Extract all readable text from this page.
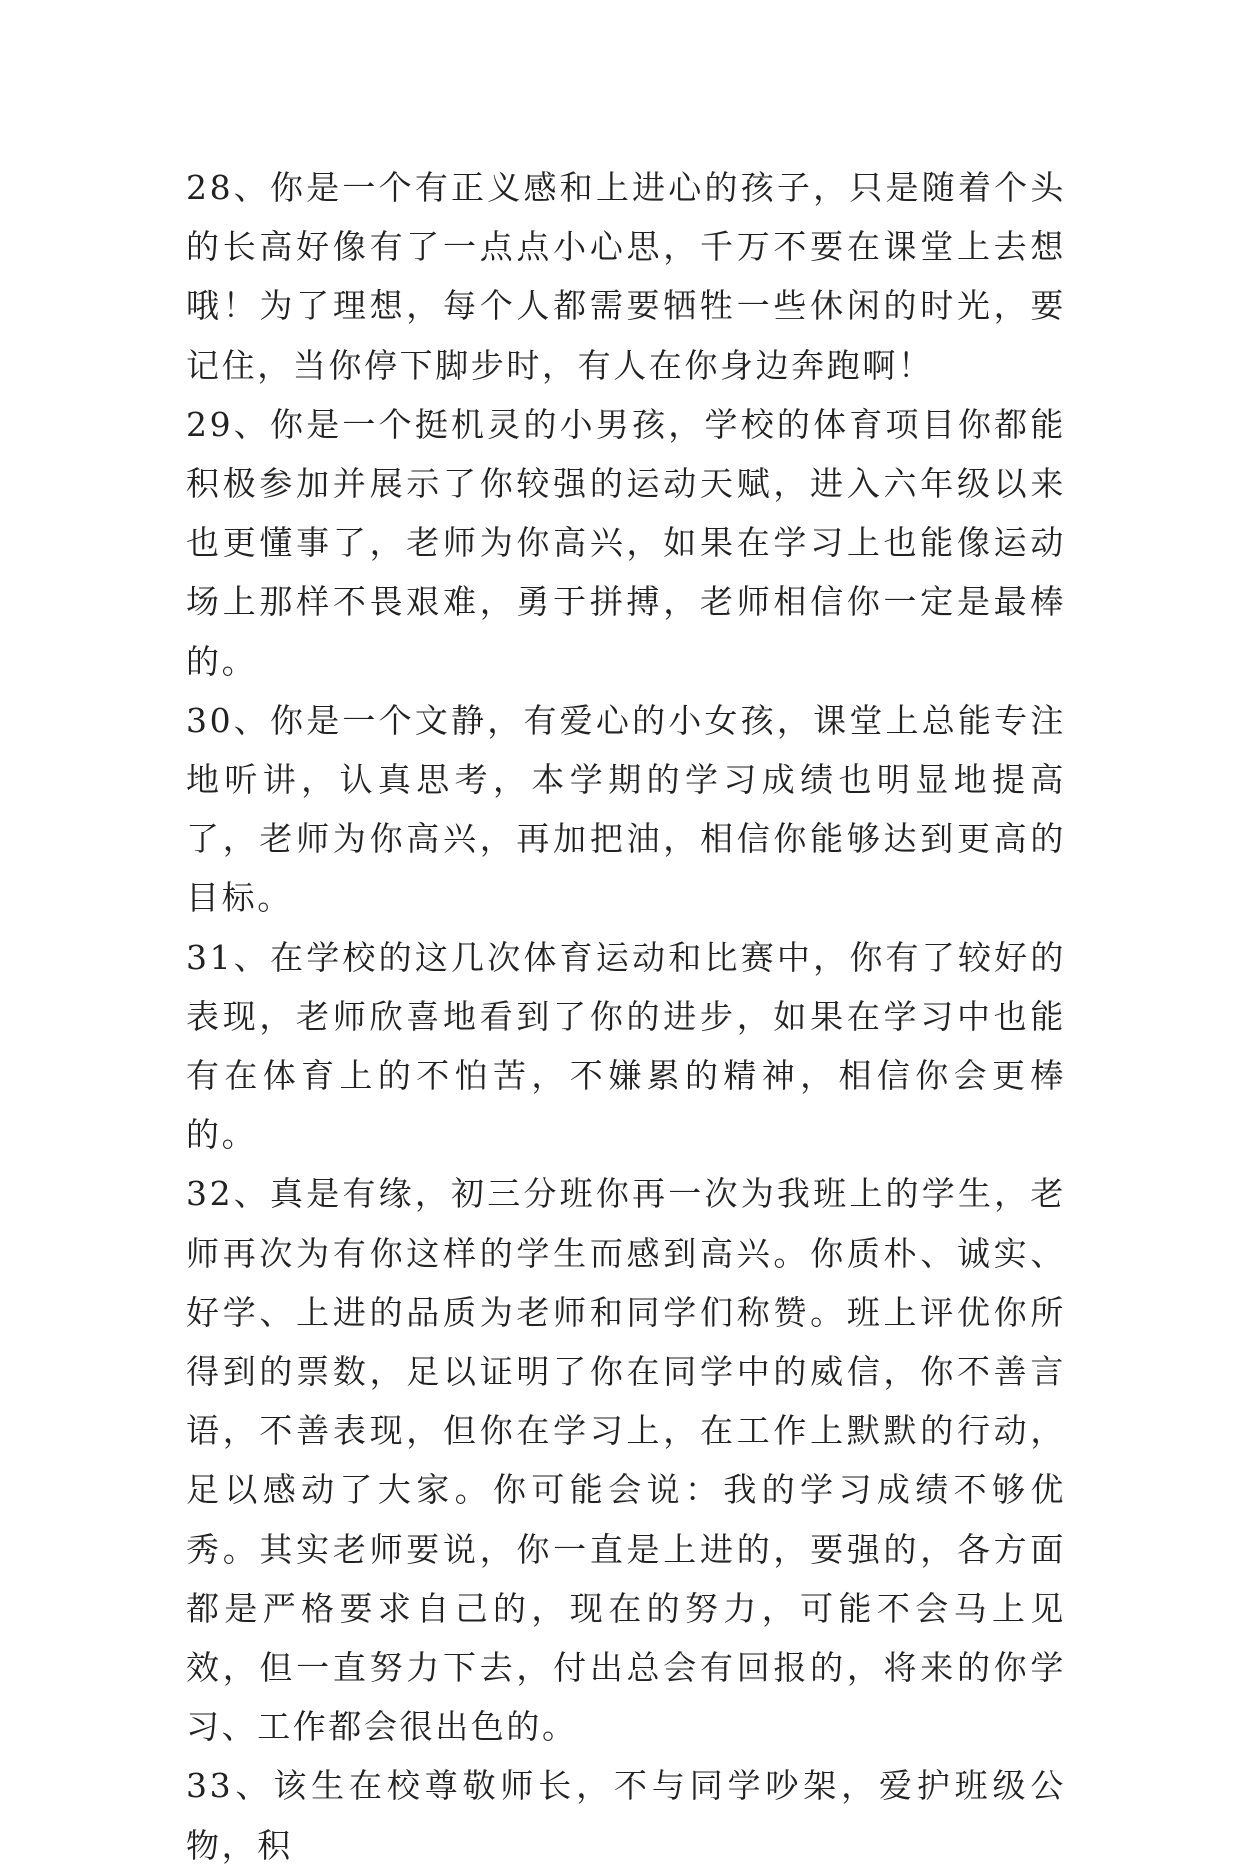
28、你是一个有正义感和上进心的孩子，只是随着个头的长高好像有了一点点小心思，千万不要在课堂上去想哦！为了理想，每个人都需要牺牲一些休闲的时光，要记住，当你停下脚步时，有人在你身边奔跑啊！

29、你是一个挺机灵的小男孩，学校的体育项目你都能积极参加并展示了你较强的运动天赋，进入六年级以来也更懂事了，老师为你高兴，如果在学习上也能像运动场上那样不畏艰难，勇于拼搏，老师相信你一定是最棒的。

30、你是一个文静，有爱心的小女孩，课堂上总能专注地听讲，认真思考，本学期的学习成绩也明显地提高了，老师为你高兴，再加把油，相信你能够达到更高的目标。

31、在学校的这几次体育运动和比赛中，你有了较好的表现，老师欣喜地看到了你的进步，如果在学习中也能有在体育上的不怕苦，不嫌累的精神，相信你会更棒的。

32、真是有缘，初三分班你再一次为我班上的学生，老师再次为有你这样的学生而感到高兴。你质朴、诚实、好学、上进的品质为老师和同学们称赞。班上评优你所得到的票数，足以证明了你在同学中的威信，你不善言语，不善表现，但你在学习上，在工作上默默的行动，足以感动了大家。你可能会说：我的学习成绩不够优秀。其实老师要说，你一直是上进的，要强的，各方面都是严格要求自己的，现在的努力，可能不会马上见效，但一直努力下去，付出总会有回报的，将来的你学习、工作都会很出色的。

33、该生在校尊敬师长，不与同学吵架，爱护班级公物，积
